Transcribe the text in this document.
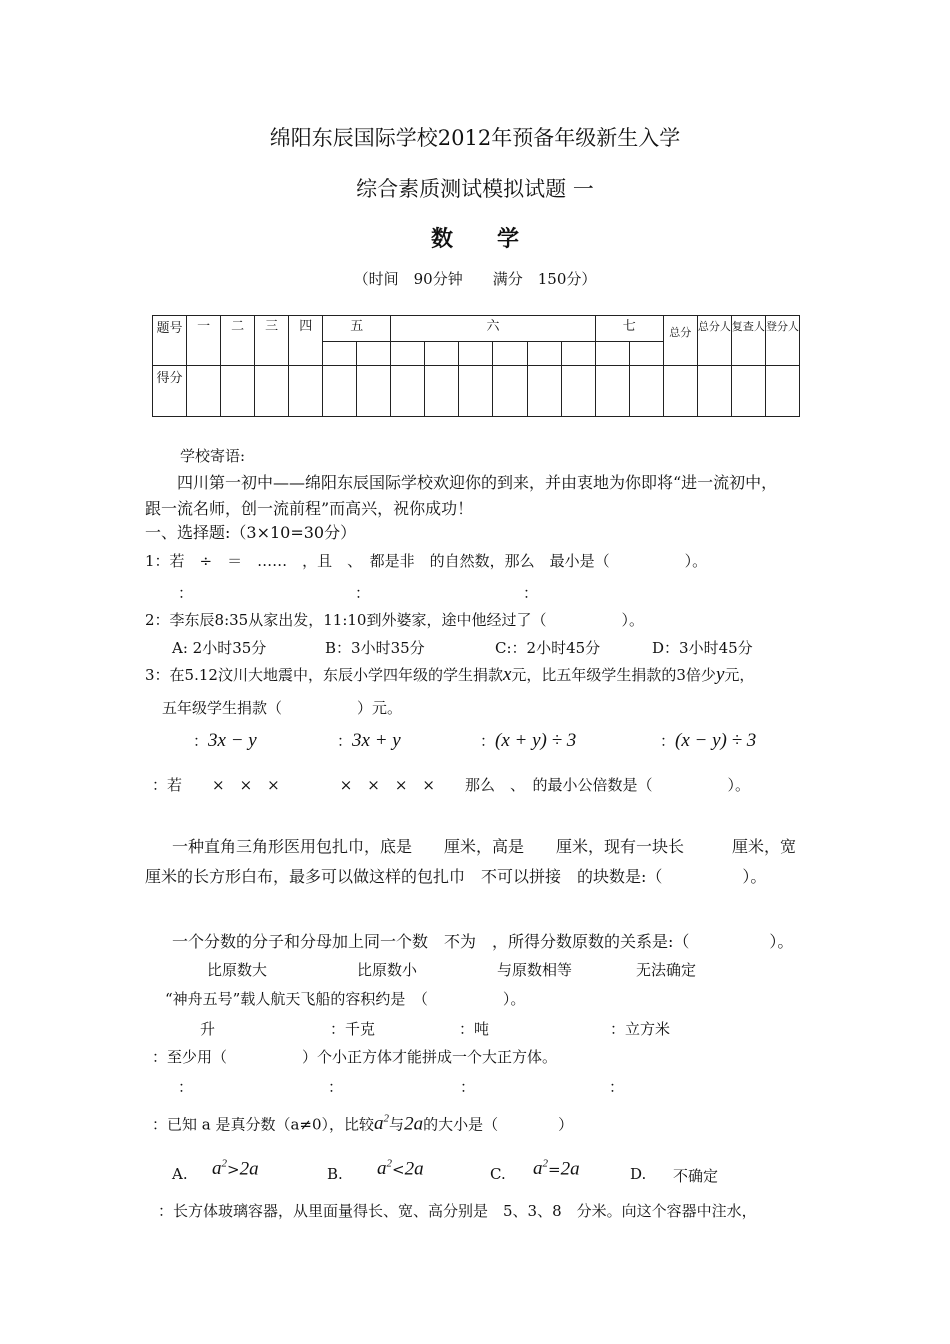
绵阳东辰国际学校2012年预备年级新生入学
综合素质测试模拟试题 一
数　　学
（时间　90分钟　　满分　150分）
题号	一	二	三	四	五		六						七		总分	总分人	复查人	登分人

得分																		
学校寄语:
四川第一初中——绵阳东辰国际学校欢迎你的到来，并由衷地为你即将“进一流初中，
跟一流名师，创一流前程”而高兴，祝你成功！
一、选择题:（3×10=30分）
1：若　÷　＝　……　，且　、　都是非　的自然数，那么　最小是（　　　　　）。
：	：	：
2：李东辰8:35从家出发，11:10到外婆家，途中他经过了（　　　　　）。
A: 2小时35分	B：3小时35分	C:：2小时45分	D：3小时45分
3：在5.12汶川大地震中，东辰小学四年级的学生捐款x元，比五年级学生捐款的3倍少y元，
五年级学生捐款（　　　　　）元。
：3x − y	：3x + y	：(x + y) ÷ 3	：(x − y) ÷ 3
：若　　×　×　×　　　　×　×　×　×　　那么　、　的最小公倍数是（　　　　　）。
一种直角三角形医用包扎巾，底是　　厘米，高是　　厘米，现有一块长　　　厘米，宽
厘米的长方形白布，最多可以做这样的包扎巾　不可以拼接　的块数是:（　　　　　）。
一个分数的分子和分母加上同一个数　不为　，所得分数原数的关系是:（　　　　　）。
比原数大	比原数小	与原数相等	无法确定
“神舟五号”载人航天飞船的容积约是　（　　　　　）。
升	：千克	：吨	：立方米
：至少用（　　　　　）个小正方体才能拼成一个大正方体。
：	：	：	：
：已知 a 是真分数（a≠0），比较$a^2$与2a的大小是（　　　　）
A. $a^2>2a$	B. $a^2<2a$	C. $a^2=2a$	D. 不确定
：长方体玻璃容器，从里面量得长、宽、高分别是　5、3、8　分米。向这个容器中注水，
